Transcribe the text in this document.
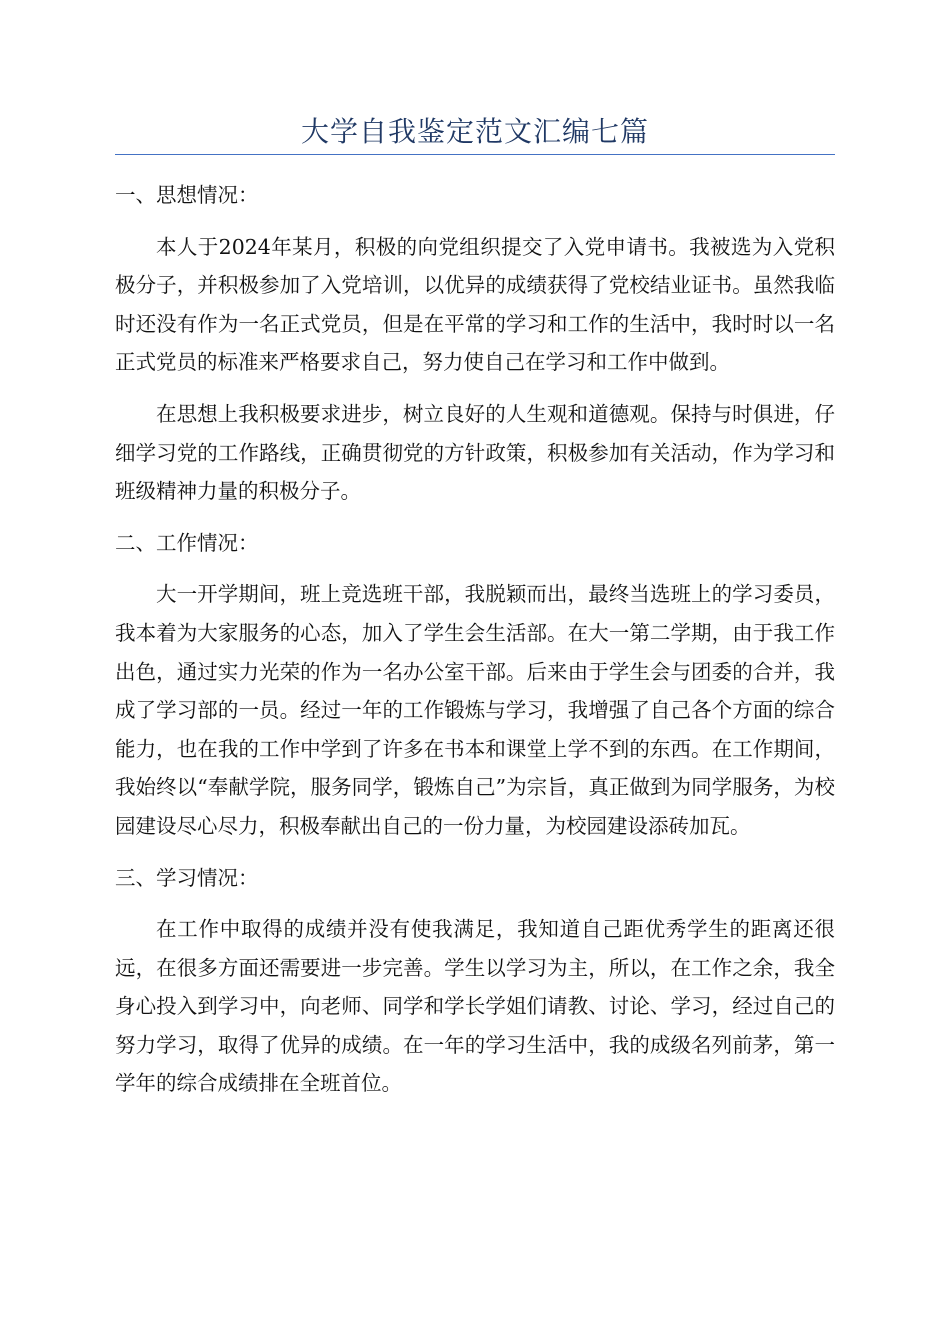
大学自我鉴定范文汇编七篇

一、思想情况：

本人于2024年某月，积极的向党组织提交了入党申请书。我被选为入党积极分子，并积极参加了入党培训，以优异的成绩获得了党校结业证书。虽然我临时还没有作为一名正式党员，但是在平常的学习和工作的生活中，我时时以一名正式党员的标准来严格要求自己，努力使自己在学习和工作中做到。

在思想上我积极要求进步，树立良好的人生观和道德观。保持与时俱进，仔细学习党的工作路线，正确贯彻党的方针政策，积极参加有关活动，作为学习和班级精神力量的积极分子。

二、工作情况：

大一开学期间，班上竞选班干部，我脱颖而出，最终当选班上的学习委员，我本着为大家服务的心态，加入了学生会生活部。在大一第二学期，由于我工作出色，通过实力光荣的作为一名办公室干部。后来由于学生会与团委的合并，我成了学习部的一员。经过一年的工作锻炼与学习，我增强了自己各个方面的综合能力，也在我的工作中学到了许多在书本和课堂上学不到的东西。在工作期间，我始终以“奉献学院，服务同学，锻炼自己”为宗旨，真正做到为同学服务，为校园建设尽心尽力，积极奉献出自己的一份力量，为校园建设添砖加瓦。

三、学习情况：

在工作中取得的成绩并没有使我满足，我知道自己距优秀学生的距离还很远，在很多方面还需要进一步完善。学生以学习为主，所以，在工作之余，我全身心投入到学习中，向老师、同学和学长学姐们请教、讨论、学习，经过自己的努力学习，取得了优异的成绩。在一年的学习生活中，我的成级名列前茅，第一学年的综合成绩排在全班首位。
